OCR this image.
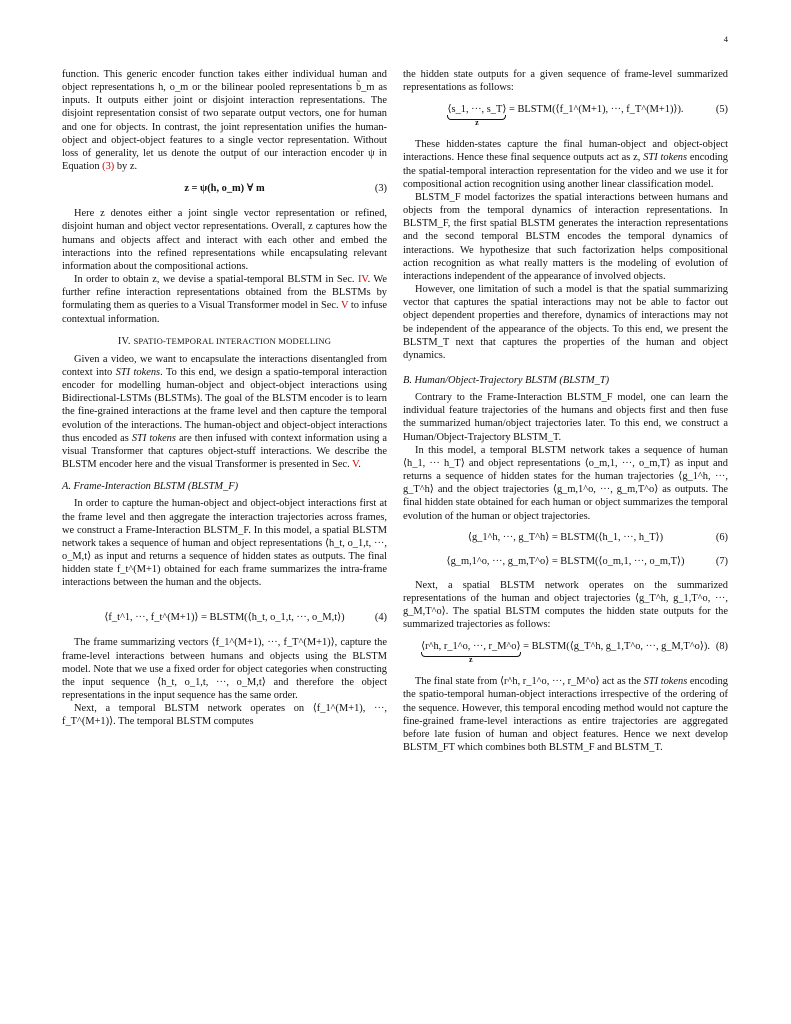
4

function. This generic encoder function takes either individual human and object representations h, o_m or the bilinear pooled representations b̃_m as inputs. It outputs either joint or disjoint interaction representations. The disjoint representation consist of two separate output vectors, one for human and one for objects. In contrast, the joint representation unifies the human-object and object-object features to a single vector representation. Without loss of generality, let us denote the output of our interaction encoder ψ in Equation (3) by z.

z = ψ(h, o_m) ∀ m	(3)

Here z denotes either a joint single vector representation or refined, disjoint human and object vector representations. Overall, z captures how the humans and objects affect and interact with each other and embed the interactions into the refined representations while encapsulating relevant information about the compositional actions.

In order to obtain z, we devise a spatial-temporal BLSTM in Sec. IV. We further refine interaction representations obtained from the BLSTMs by formulating them as queries to a Visual Transformer model in Sec. V to infuse contextual information.

IV. SPATIO-TEMPORAL INTERACTION MODELLING

Given a video, we want to encapsulate the interactions disentangled from context into STI tokens. To this end, we design a spatio-temporal interaction encoder for modelling human-object and object-object interactions using Bidirectional-LSTMs (BLSTMs). The goal of the BLSTM encoder is to learn the fine-grained interactions at the frame level and then capture the temporal evolution of the interactions. The human-object and object-object interactions thus encoded as STI tokens are then infused with context information using a visual Transformer that captures object-stuff interactions. We describe the BLSTM encoder here and the visual Transformer is presented in Sec. V.

A. Frame-Interaction BLSTM (BLSTM_F)

In order to capture the human-object and object-object interactions first at the frame level and then aggregate the interaction trajectories across frames, we construct a Frame-Interaction BLSTM_F. In this model, a spatial BLSTM network takes a sequence of human and object representations ⟨h_t, o_1,t, ···, o_M,t⟩ as input and returns a sequence of hidden states as outputs. The final hidden state f_t^(M+1) obtained for each frame summarizes the intra-frame interactions between the human and the objects.

⟨f_t^1, ···, f_t^(M+1)⟩ = BLSTM(⟨h_t, o_1,t, ···, o_M,t⟩)	(4)

The frame summarizing vectors ⟨f_1^(M+1), ···, f_T^(M+1)⟩, capture the frame-level interactions between humans and objects using the BLSTM model. Note that we use a fixed order for object categories when constructing the input sequence ⟨h_t, o_1,t, ···, o_M,t⟩ and therefore the object representations in the input sequence has the same order.

Next, a temporal BLSTM network operates on ⟨f_1^(M+1), ···, f_T^(M+1)⟩. The temporal BLSTM computes

the hidden state outputs for a given sequence of frame-level summarized representations as follows:

⟨s_1, ···, s_T⟩
z
= BLSTM(⟨f_1^(M+1), ···, f_T^(M+1)⟩).	(5)

These hidden-states capture the final human-object and object-object interactions. Hence these final sequence outputs act as z, STI tokens encoding the spatial-temporal interaction representation for the video and we use it for compositional action recognition using another linear classification model.

BLSTM_F model factorizes the spatial interactions between humans and objects from the temporal dynamics of interaction representations. In BLSTM_F, the first spatial BLSTM generates the interaction representations and the second temporal BLSTM encodes the temporal dynamics of interactions. We hypothesize that such factorization helps compositional action recognition as what really matters is the modeling of evolution of interactions independent of the appearance of involved objects.

However, one limitation of such a model is that the spatial summarizing vector that captures the spatial interactions may not be able to factor out object dependent properties and therefore, dynamics of interactions may not be independent of the appearance of the objects. To this end, we present the BLSTM_T next that captures the properties of the human and object dynamics.

B. Human/Object-Trajectory BLSTM (BLSTM_T)

Contrary to the Frame-Interaction BLSTM_F model, one can learn the individual feature trajectories of the humans and objects first and then fuse the summarized human/object trajectories later. To this end, we construct a Human/Object-Trajectory BLSTM_T.

In this model, a temporal BLSTM network takes a sequence of human ⟨h_1, ··· h_T⟩ and object representations ⟨o_m,1, ···, o_m,T⟩ as input and returns a sequence of hidden states for the human trajectories ⟨g_1^h, ···, g_T^h⟩ and the object trajectories ⟨g_m,1^o, ···, g_m,T^o⟩ as outputs. The final hidden state obtained for each human or object summarizes the temporal evolution of the human or object trajectories.

⟨g_1^h, ···, g_T^h⟩ = BLSTM(⟨h_1, ···, h_T⟩)	(6)
⟨g_m,1^o, ···, g_m,T^o⟩ = BLSTM(⟨o_m,1, ···, o_m,T⟩)	(7)

Next, a spatial BLSTM network operates on the summarized representations of the human and object trajectories ⟨g_T^h, g_1,T^o, ···, g_M,T^o⟩. The spatial BLSTM computes the hidden state outputs for the summarized trajectories as follows:

⟨r^h, r_1^o, ···, r_M^o⟩
z
= BLSTM(⟨g_T^h, g_1,T^o, ···, g_M,T^o⟩). (8)

The final state from ⟨r^h, r_1^o, ···, r_M^o⟩ act as the STI tokens encoding the spatio-temporal human-object interactions irrespective of the ordering of the sequence. However, this temporal encoding method would not capture the fine-grained frame-level interactions as entire trajectories are aggregated before late fusion of human and object features. Hence we next develop BLSTM_FT which combines both BLSTM_F and BLSTM_T.
